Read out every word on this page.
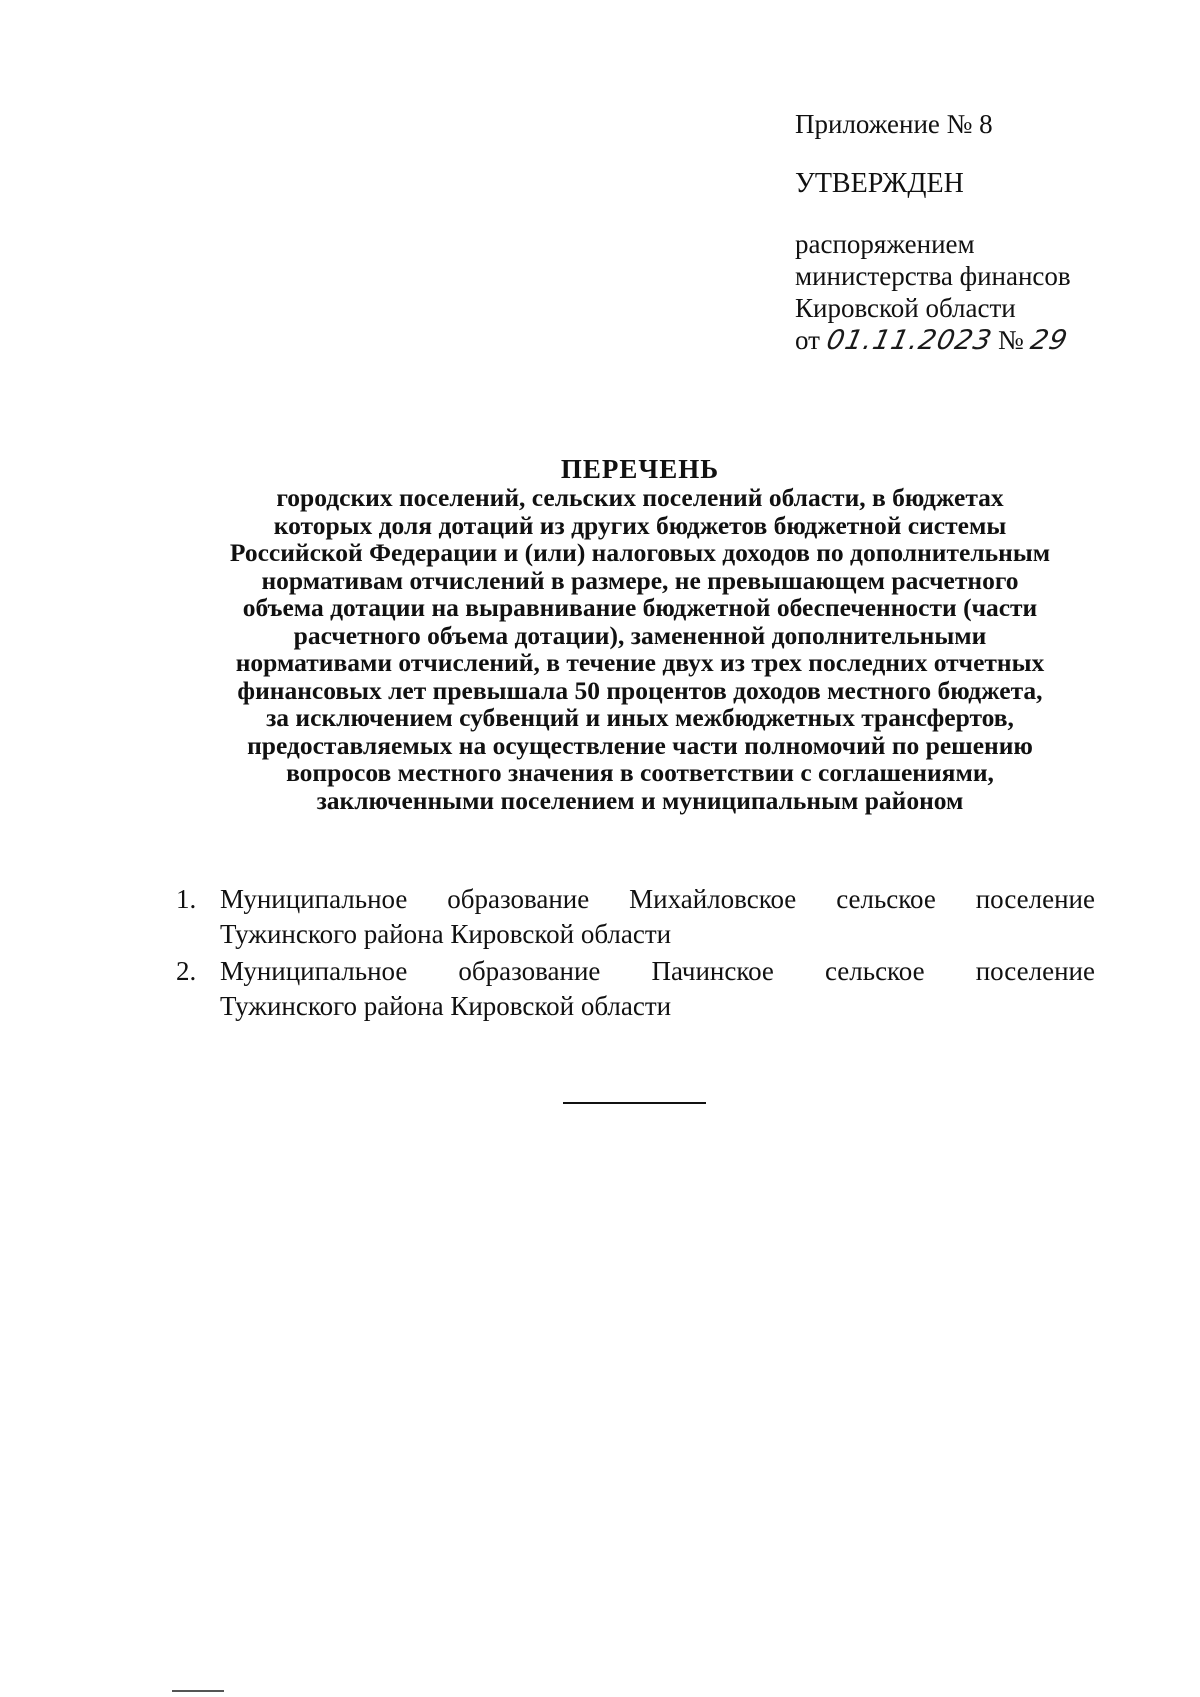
Приложение № 8
УТВЕРЖДЕН
распоряжением
министерства финансов
Кировской области
от 01.11.2023 № 29
ПЕРЕЧЕНЬ
городских поселений, сельских поселений области, в бюджетах
которых доля дотаций из других бюджетов бюджетной системы
Российской Федерации и (или) налоговых доходов по дополнительным
нормативам отчислений в размере, не превышающем расчетного
объема дотации на выравнивание бюджетной обеспеченности (части
расчетного объема дотации), замененной дополнительными
нормативами отчислений, в течение двух из трех последних отчетных
финансовых лет превышала 50 процентов доходов местного бюджета,
за исключением субвенций и иных межбюджетных трансфертов,
предоставляемых на осуществление части полномочий по решению
вопросов местного значения в соответствии с соглашениями,
заключенными поселением и муниципальным районом
1. Муниципальное образование Михайловское сельское поселение
Тужинского района Кировской области
2. Муниципальное образование Пачинское сельское поселение
Тужинского района Кировской области
